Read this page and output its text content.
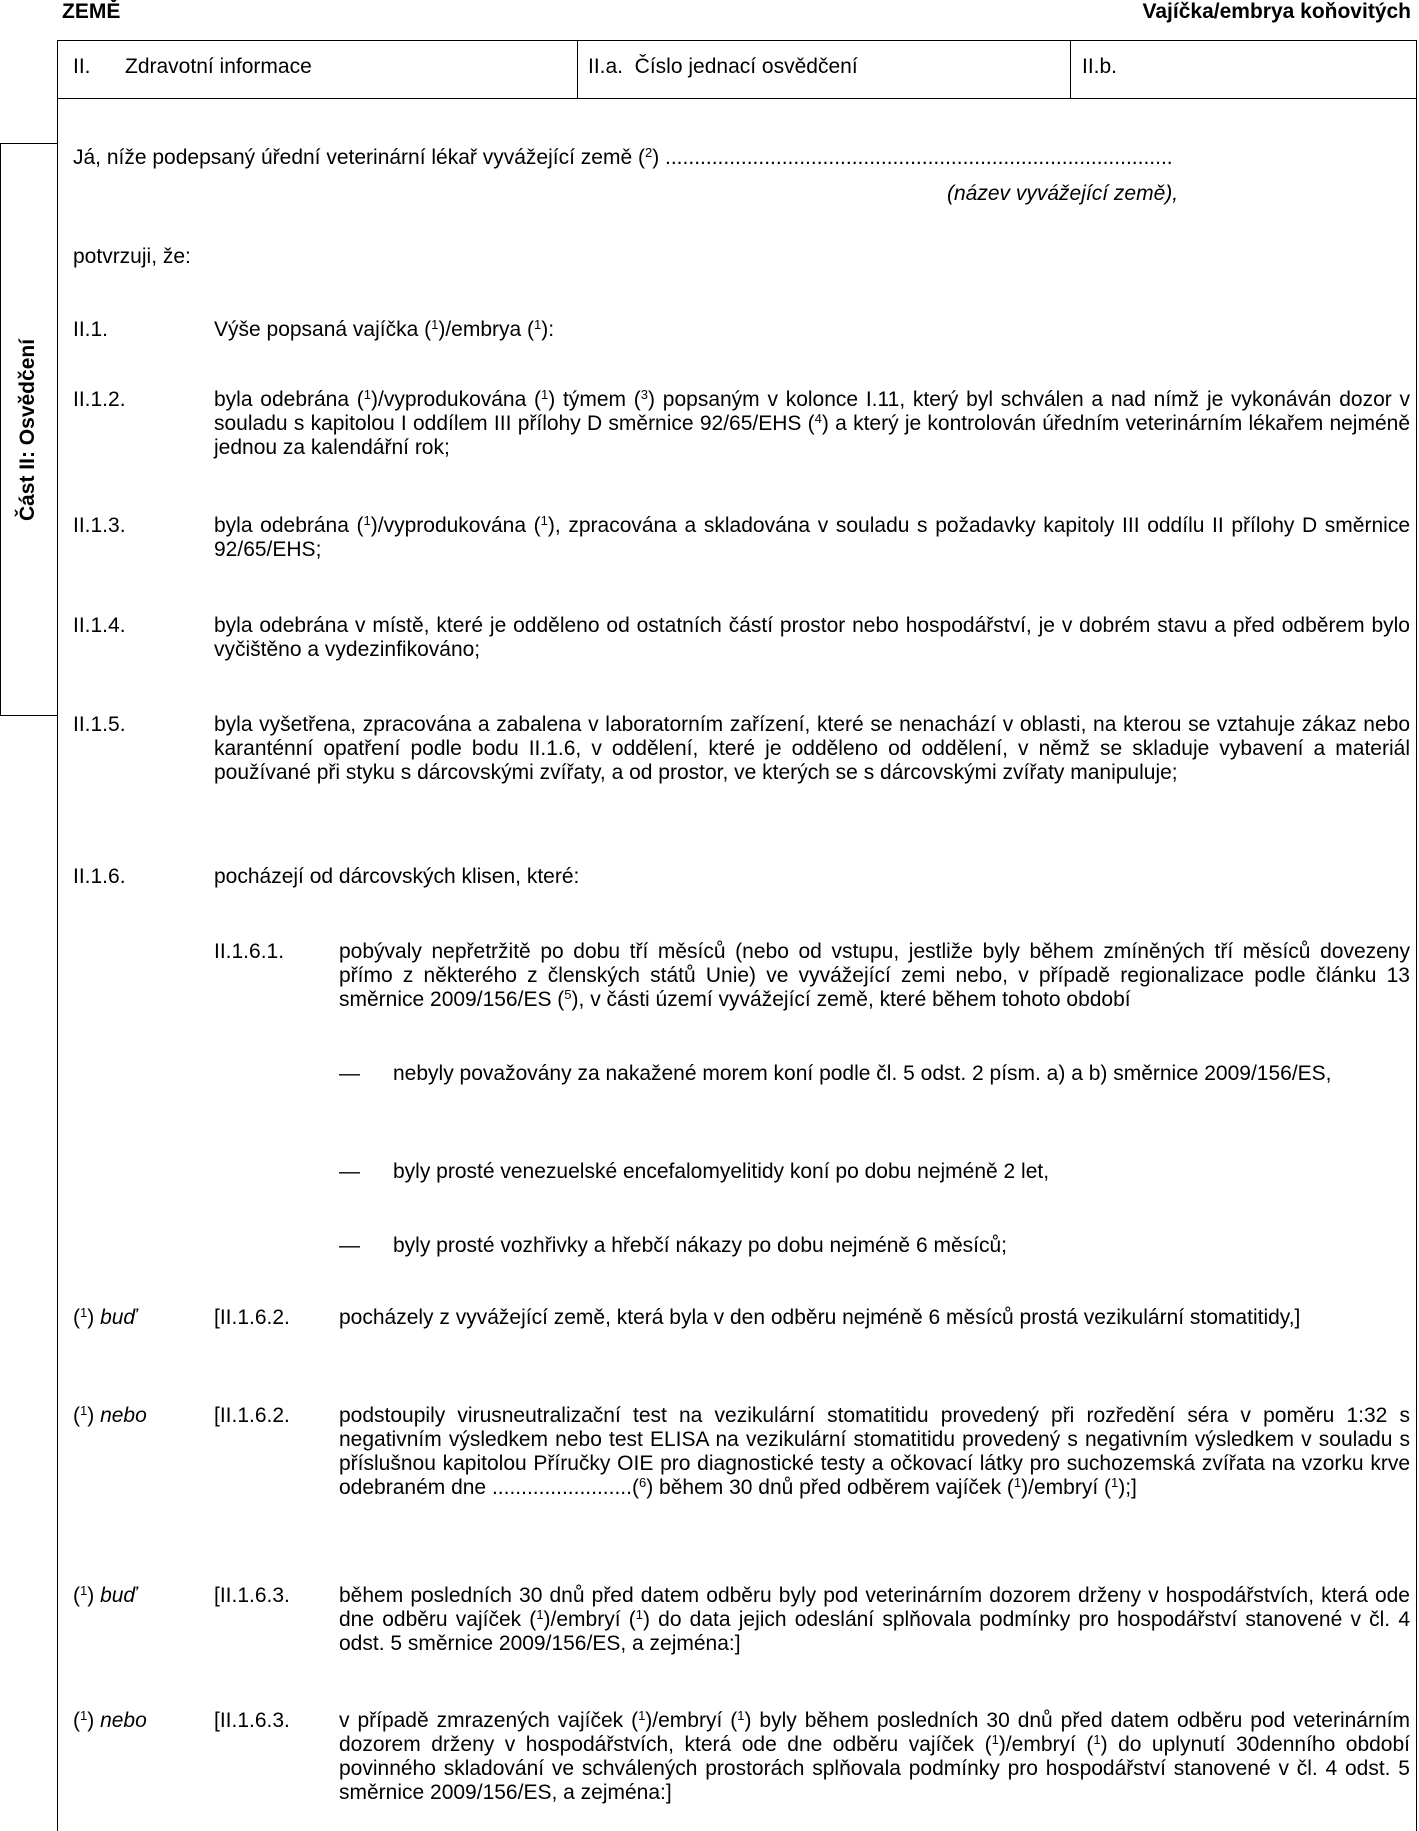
ZEMĚ	Vajíčka/embrya koňovitých
II. Zdravotní informace	II.a.  Číslo jednací osvědčení	II.b.
Část II: Osvědčení
Já, níže podepsaný úřední veterinární lékař vyvážející země ($^2$) .......................................................................................
(název vyvážející země),
potvrzuji, že:
II.1.	Výše popsaná vajíčka ($^1$)/embrya ($^1$):
II.1.2.	byla odebrána ($^1$)/vyprodukována ($^1$) týmem ($^3$) popsaným v kolonce I.11, který byl schválen a nad nímž je vykonáván dozor v souladu s kapitolou I oddílem III přílohy D směrnice 92/65/EHS ($^4$) a který je kontrolován úředním veterinárním lékařem nejméně jednou za kalendářní rok;
II.1.3.	byla odebrána ($^1$)/vyprodukována ($^1$), zpracována a skladována v souladu s požadavky kapitoly III oddílu II přílohy D směrnice 92/65/EHS;
II.1.4.	byla odebrána v místě, které je odděleno od ostatních částí prostor nebo hospodářství, je v dobrém stavu a před odběrem bylo vyčištěno a vydezinfikováno;
II.1.5.	byla vyšetřena, zpracována a zabalena v laboratorním zařízení, které se nenachází v oblasti, na kterou se vztahuje zákaz nebo karanténní opatření podle bodu II.1.6, v oddělení, které je odděleno od oddělení, v němž se skladuje vybavení a materiál používané při styku s dárcovskými zvířaty, a od prostor, ve kterých se s dárcovskými zvířaty manipuluje;
II.1.6.	pocházejí od dárcovských klisen, které:
II.1.6.1.	pobývaly nepřetržitě po dobu tří měsíců (nebo od vstupu, jestliže byly během zmíněných tří měsíců dovezeny přímo z některého z členských států Unie) ve vyvážející zemi nebo, v případě regionalizace podle článku 13 směrnice 2009/156/ES ($^5$), v části území vyvážející země, které během tohoto období
— nebyly považovány za nakažené morem koní podle čl. 5 odst. 2 písm. a) a b) směrnice 2009/156/ES,
— byly prosté venezuelské encefalomyelitidy koní po dobu nejméně 2 let,
— byly prosté vozhřivky a hřebčí nákazy po dobu nejméně 6 měsíců;
($^1$) buď	[II.1.6.2. pocházely z vyvážející země, která byla v den odběru nejméně 6 měsíců prostá vezikulární stomatitidy,]
($^1$) nebo	[II.1.6.2. podstoupily virusneutralizační test na vezikulární stomatitidu provedený při rozředění séra v poměru 1:32 s negativním výsledkem nebo test ELISA na vezikulární stomatitidu provedený s negativním výsledkem v souladu s příslušnou kapitolou Příručky OIE pro diagnostické testy a očkovací látky pro suchozemská zvířata na vzorku krve odebraném dne ........................($^6$) během 30 dnů před odběrem vajíček ($^1$)/embryí ($^1$);]
($^1$) buď	[II.1.6.3. během posledních 30 dnů před datem odběru byly pod veterinárním dozorem drženy v hospodářstvích, která ode dne odběru vajíček ($^1$)/embryí ($^1$) do data jejich odeslání splňovala podmínky pro hospodářství stanovené v čl. 4 odst. 5 směrnice 2009/156/ES, a zejména:]
($^1$) nebo	[II.1.6.3. v případě zmrazených vajíček ($^1$)/embryí ($^1$) byly během posledních 30 dnů před datem odběru pod veterinárním dozorem drženy v hospodářstvích, která ode dne odběru vajíček ($^1$)/embryí ($^1$) do uplynutí 30denního období povinného skladování ve schválených prostorách splňovala podmínky pro hospodářství stanovené v čl. 4 odst. 5 směrnice 2009/156/ES, a zejména:]
